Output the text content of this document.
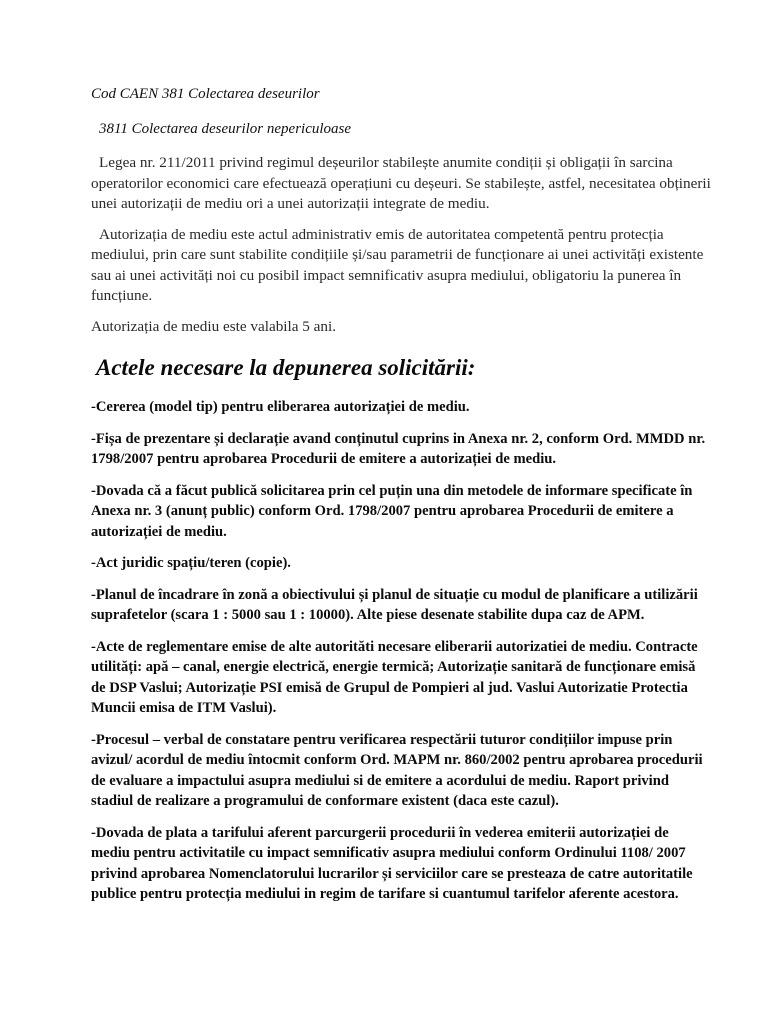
Cod CAEN 381 Colectarea deseurilor

3811 Colectarea deseurilor nepericuloase

Legea nr. 211/2011 privind regimul deșeurilor stabilește anumite condiții și obligații în sarcina operatorilor economici care efectuează operațiuni cu deșeuri. Se stabilește, astfel, necesitatea obținerii unei autorizații de mediu ori a unei autorizații integrate de mediu.

Autorizația de mediu este actul administrativ emis de autoritatea competentă pentru protecția mediului, prin care sunt stabilite condițiile și/sau parametrii de funcționare ai unei activități existente sau ai unei activități noi cu posibil impact semnificativ asupra mediului, obligatoriu la punerea în funcțiune.

Autorizația de mediu este valabila 5 ani.

Actele necesare la depunerea solicitării:

-Cererea (model tip) pentru eliberarea autorizației de mediu.

-Fișa de prezentare și declarație avand conținutul cuprins in Anexa nr. 2, conform Ord. MMDD nr. 1798/2007 pentru aprobarea Procedurii de emitere a autorizației de mediu.

-Dovada că a făcut publică solicitarea prin cel puțin una din metodele de informare specificate în Anexa nr. 3 (anunț public) conform Ord. 1798/2007 pentru aprobarea Procedurii de emitere a autorizației de mediu.

-Act juridic spațiu/teren (copie).

-Planul de încadrare în zonă a obiectivului și planul de situație cu modul de planificare a utilizării suprafetelor (scara 1 : 5000 sau 1 : 10000). Alte piese desenate stabilite dupa caz de APM.

-Acte de reglementare emise de alte autorităti necesare eliberarii autorizatiei de mediu. Contracte utilități: apă – canal, energie electrică, energie termică; Autorizație sanitară de funcționare emisă de DSP Vaslui; Autorizație PSI emisă de Grupul de Pompieri al jud. Vaslui Autorizatie Protectia Muncii emisa de ITM Vaslui).

-Procesul – verbal de constatare pentru verificarea respectării tuturor condițiilor impuse prin avizul/ acordul de mediu întocmit conform Ord. MAPM nr. 860/2002 pentru aprobarea procedurii de evaluare a impactului asupra mediului si de emitere a acordului de mediu. Raport privind stadiul de realizare a programului de conformare existent (daca este cazul).

-Dovada de plata a tarifului aferent parcurgerii procedurii în vederea emiterii autorizației de mediu pentru activitatile cu impact semnificativ asupra mediului conform Ordinului 1108/ 2007 privind aprobarea Nomenclatorului lucrarilor și serviciilor care se presteaza de catre autoritatile publice pentru protecția mediului in regim de tarifare si cuantumul tarifelor aferente acestora.
